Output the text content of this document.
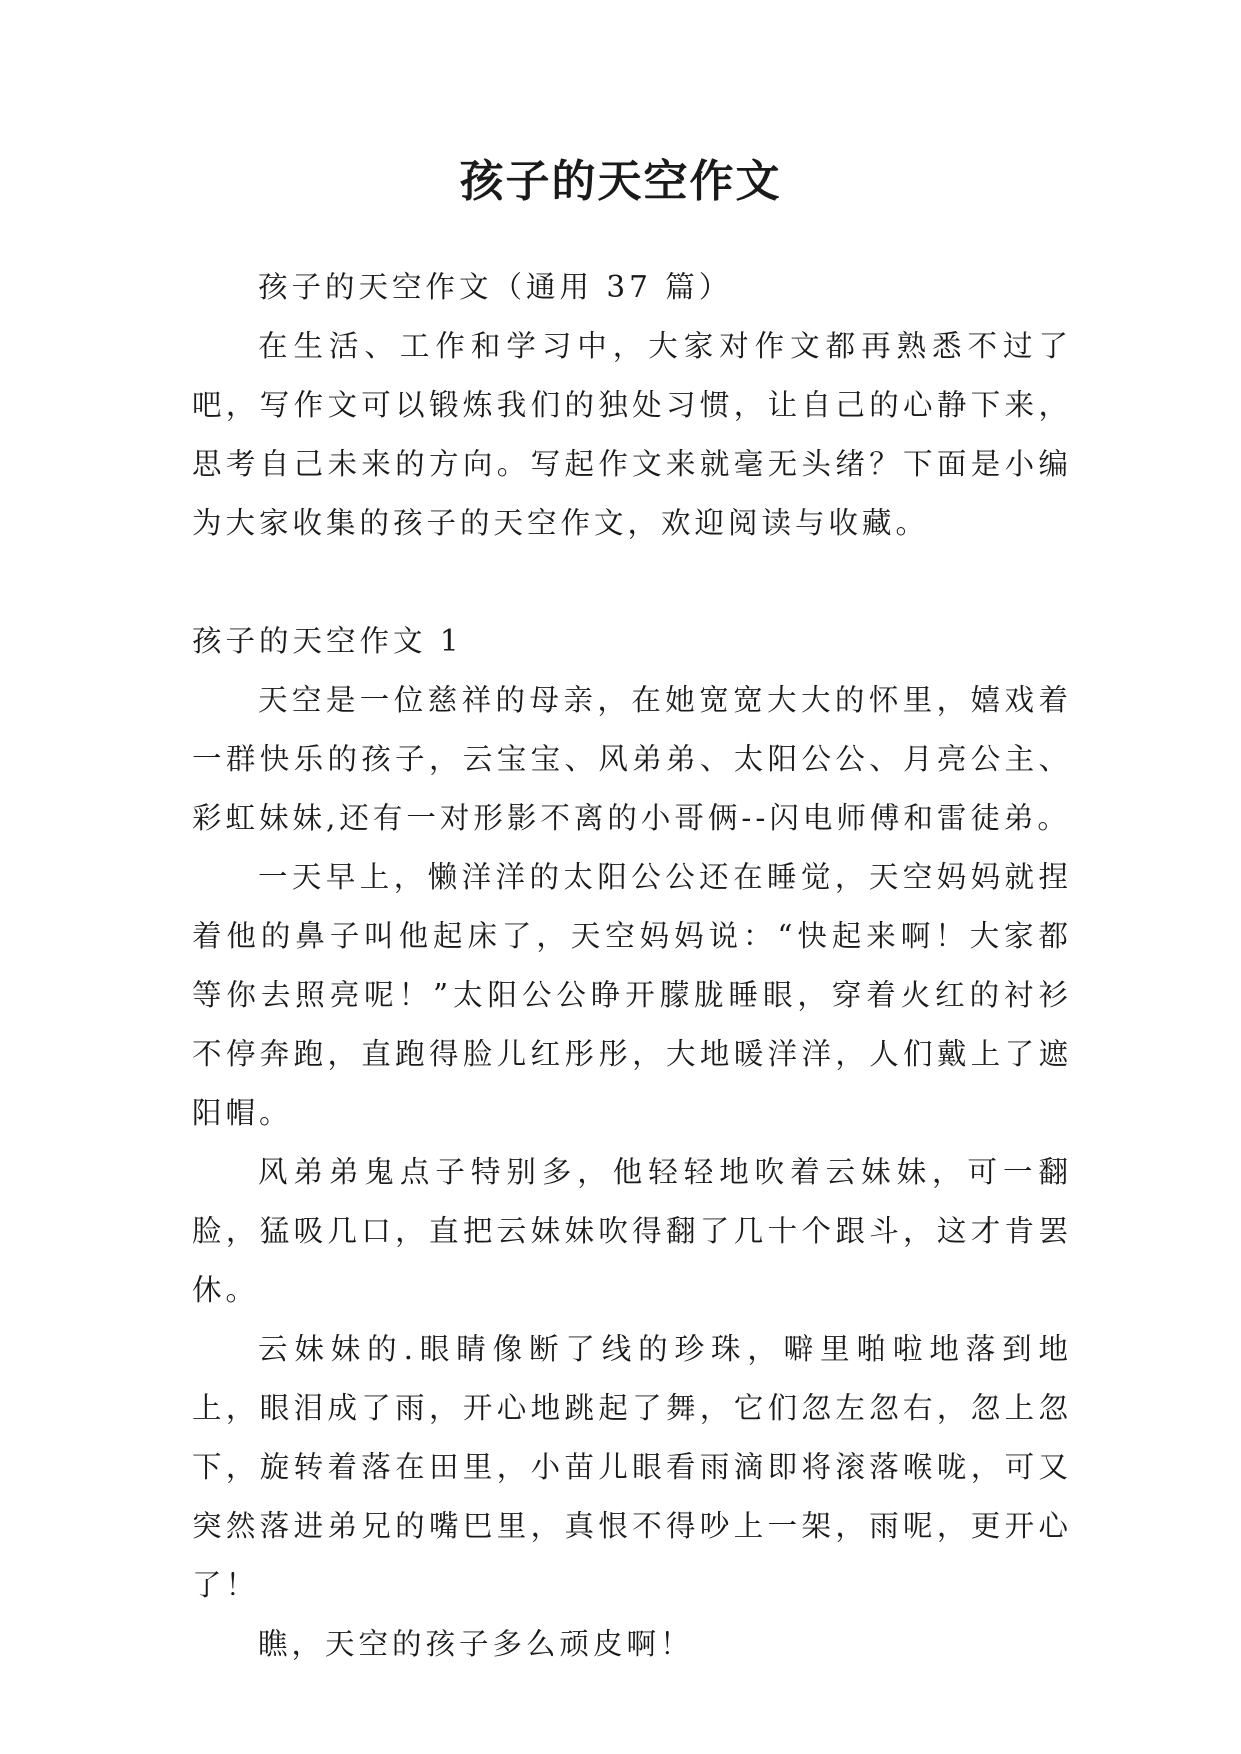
孩子的天空作文

孩子的天空作文（通用 37 篇）

在生活、工作和学习中，大家对作文都再熟悉不过了吧，写作文可以锻炼我们的独处习惯，让自己的心静下来，思考自己未来的方向。写起作文来就毫无头绪？下面是小编为大家收集的孩子的天空作文，欢迎阅读与收藏。

孩子的天空作文 1

天空是一位慈祥的母亲，在她宽宽大大的怀里，嬉戏着一群快乐的孩子，云宝宝、风弟弟、太阳公公、月亮公主、彩虹妹妹,还有一对形影不离的小哥俩--闪电师傅和雷徒弟。

一天早上，懒洋洋的太阳公公还在睡觉，天空妈妈就捏着他的鼻子叫他起床了，天空妈妈说：“快起来啊！大家都等你去照亮呢！”太阳公公睁开朦胧睡眼，穿着火红的衬衫不停奔跑，直跑得脸儿红彤彤，大地暖洋洋，人们戴上了遮阳帽。

风弟弟鬼点子特别多，他轻轻地吹着云妹妹，可一翻脸，猛吸几口，直把云妹妹吹得翻了几十个跟斗，这才肯罢休。

云妹妹的.眼睛像断了线的珍珠，噼里啪啦地落到地上，眼泪成了雨，开心地跳起了舞，它们忽左忽右，忽上忽下，旋转着落在田里，小苗儿眼看雨滴即将滚落喉咙，可又突然落进弟兄的嘴巴里，真恨不得吵上一架，雨呢，更开心了！

瞧，天空的孩子多么顽皮啊！
